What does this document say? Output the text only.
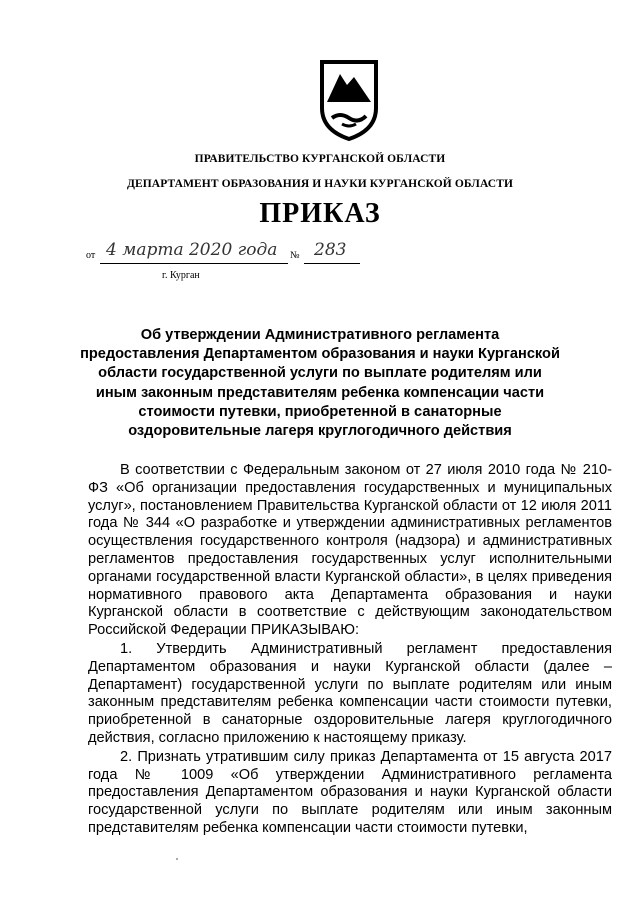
ПРАВИТЕЛЬСТВО КУРГАНСКОЙ ОБЛАСТИ
ДЕПАРТАМЕНТ ОБРАЗОВАНИЯ И НАУКИ КУРГАНСКОЙ ОБЛАСТИ
ПРИКАЗ
от 4 марта 2020 года № 283
г. Курган
Об утверждении Административного регламента предоставления Департаментом образования и науки Курганской области государственной услуги по выплате родителям или иным законным представителям ребенка компенсации части стоимости путевки, приобретенной в санаторные оздоровительные лагеря круглогодичного действия

В соответствии с Федеральным законом от 27 июля 2010 года № 210-ФЗ «Об организации предоставления государственных и муниципальных услуг», постановлением Правительства Курганской области от 12 июля 2011 года № 344 «О разработке и утверждении административных регламентов осуществления государственного контроля (надзора) и административных регламентов предоставления государственных услуг исполнительными органами государственной власти Курганской области», в целях приведения нормативного правового акта Департамента образования и науки Курганской области в соответствие с действующим законодательством Российской Федерации ПРИКАЗЫВАЮ:

1. Утвердить Административный регламент предоставления Департаментом образования и науки Курганской области (далее – Департамент) государственной услуги по выплате родителям или иным законным представителям ребенка компенсации части стоимости путевки, приобретенной в санаторные оздоровительные лагеря круглогодичного действия, согласно приложению к настоящему приказу.

2. Признать утратившим силу приказ Департамента от 15 августа 2017 года № 1009 «Об утверждении Административного регламента предоставления Департаментом образования и науки Курганской области государственной услуги по выплате родителям или иным законным представителям ребенка компенсации части стоимости путевки,
